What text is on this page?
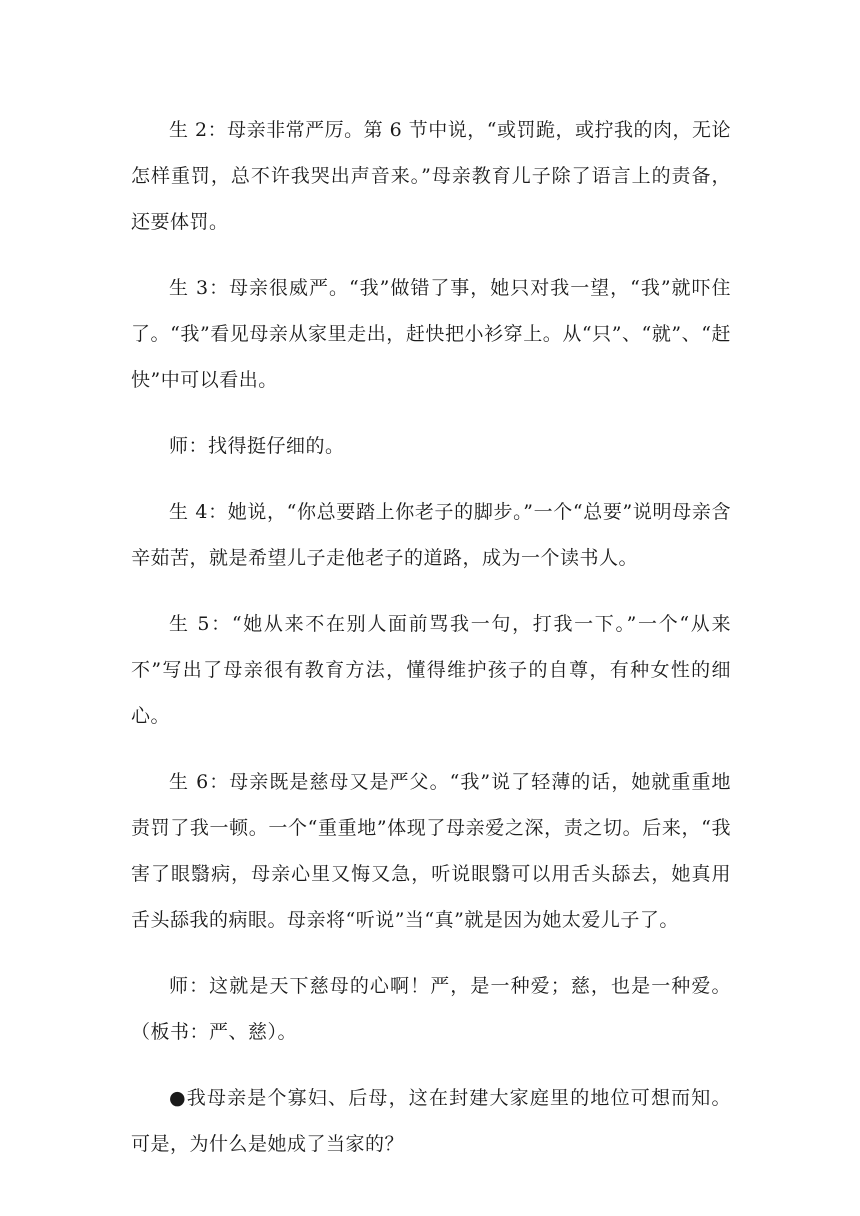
生 2：母亲非常严厉。第 6 节中说，“或罚跪，或拧我的肉，无论怎样重罚，总不许我哭出声音来。”母亲教育儿子除了语言上的责备，还要体罚。

生 3：母亲很威严。“我”做错了事，她只对我一望，“我”就吓住了。“我”看见母亲从家里走出，赶快把小衫穿上。从“只”、“就”、“赶快”中可以看出。

师：找得挺仔细的。

生 4：她说，“你总要踏上你老子的脚步。”一个“总要”说明母亲含辛茹苦，就是希望儿子走他老子的道路，成为一个读书人。

生 5：“她从来不在别人面前骂我一句，打我一下。”一个“从来不”写出了母亲很有教育方法，懂得维护孩子的自尊，有种女性的细心。

生 6：母亲既是慈母又是严父。“我”说了轻薄的话，她就重重地责罚了我一顿。一个“重重地”体现了母亲爱之深，责之切。后来，“我害了眼翳病，母亲心里又悔又急，听说眼翳可以用舌头舔去，她真用舌头舔我的病眼。母亲将“听说”当“真”就是因为她太爱儿子了。

师：这就是天下慈母的心啊！严，是一种爱；慈，也是一种爱。（板书：严、慈）。

●我母亲是个寡妇、后母，这在封建大家庭里的地位可想而知。可是，为什么是她成了当家的？
